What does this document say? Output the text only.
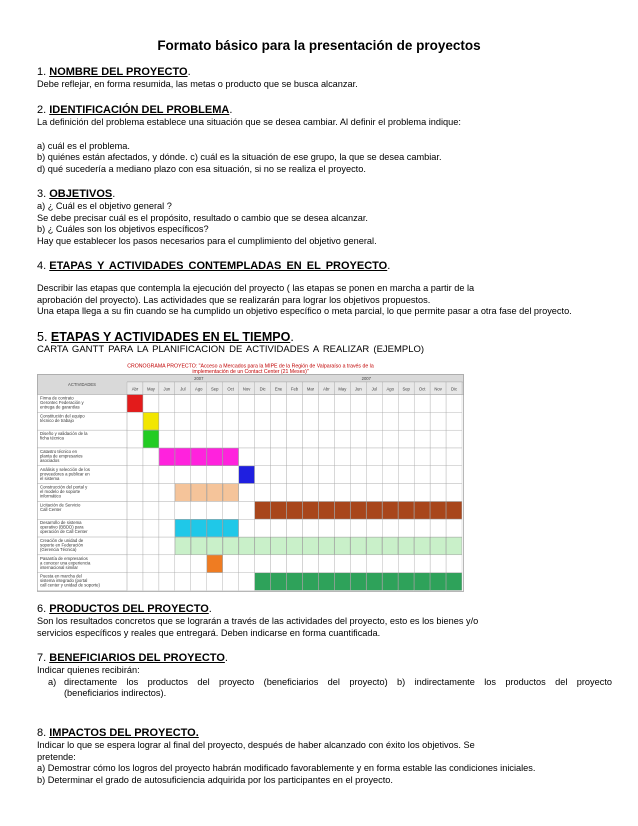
Formato básico para la presentación de proyectos
1. NOMBRE DEL PROYECTO.

Debe reflejar, en forma resumida, las metas o producto que se busca alcanzar.

2. IDENTIFICACIÓN DEL PROBLEMA.

La definición del problema establece una situación que se desea cambiar. Al definir el problema indique:

a) cuál es el problema.

b) quiénes están afectados, y dónde. c) cuál es la situación de ese grupo, la que se desea cambiar.

d) qué sucedería a mediano plazo con esa situación, si no se realiza el proyecto.

3. OBJETIVOS.

a) ¿ Cuál es el objetivo general ?

Se debe precisar cuál es el propósito, resultado o cambio que se desea alcanzar.

b) ¿ Cuáles son los objetivos específicos?

Hay que establecer los pasos necesarios para el cumplimiento del objetivo general.

4. ETAPAS Y ACTIVIDADES CONTEMPLADAS EN EL PROYECTO.

Describir las etapas que contempla la ejecución del proyecto ( las etapas se ponen en marcha a partir de la

aprobación del proyecto). Las actividades que se realizarán para lograr los objetivos propuestos.

Una etapa llega a su fin cuando se ha cumplido un objetivo específico o meta parcial, lo que permite pasar a otra fase del proyecto.

5. ETAPAS Y ACTIVIDADES EN EL TIEMPO.

CARTA GANTT PARA LA PLANIFICACION DE ACTIVIDADES A REALIZAR (EJEMPLO)

CRONOGRAMA PROYECTO: "Acceso a Mercados para la MIPE de la Región de Valparaíso a través de la
implementación de un Contact Center (21 Meses)"
ACTIVIDADES
2007	2007
Abr May Jun Jul Ago Sep Oct Nov Dic Ene Feb Mar Abr May Jun Jul Ago Sep Oct Nov Dic
Firma de contrato
Gerontec Federación y
entrega de garantías
Constitución del equipo
técnico de trabajo
Diseño y validación de la
ficha técnica
Catastro técnico en
planta de empresarios
asociados
Análisis y selección de los
proveedores a publicar en
el sistema
Construcción del portal y
el modelo de soporte
informático
Licitación de Servicio
Call Center
Desarrollo de sistema
operativo (BBDD) para
operación de Call Center
Creación de unidad de
soporte en Federación
(Gerencia Técnica)
Pasantía de empresarios
a conocer una experiencia
internacional similar
Puesta en marcha del
sistema integrado (portal
call center y unidad de soporte)
6. PRODUCTOS DEL PROYECTO.

Son los resultados concretos que se lograrán a través de las actividades del proyecto, esto es los bienes y/o

servicios específicos y reales que entregará. Deben indicarse en forma cuantificada.

7. BENEFICIARIOS DEL PROYECTO.

Indicar quienes recibirán:

a) directamente los productos del proyecto (beneficiarios del proyecto) b) indirectamente los productos del proyecto
(beneficiarios indirectos).
8. IMPACTOS DEL PROYECTO.

Indicar lo que se espera lograr al final del proyecto, después de haber alcanzado con éxito los objetivos. Se

pretende:

a) Demostrar cómo los logros del proyecto habrán modificado favorablemente y en forma estable las condiciones iniciales.

b) Determinar el grado de autosuficiencia adquirida por los participantes en el proyecto.
